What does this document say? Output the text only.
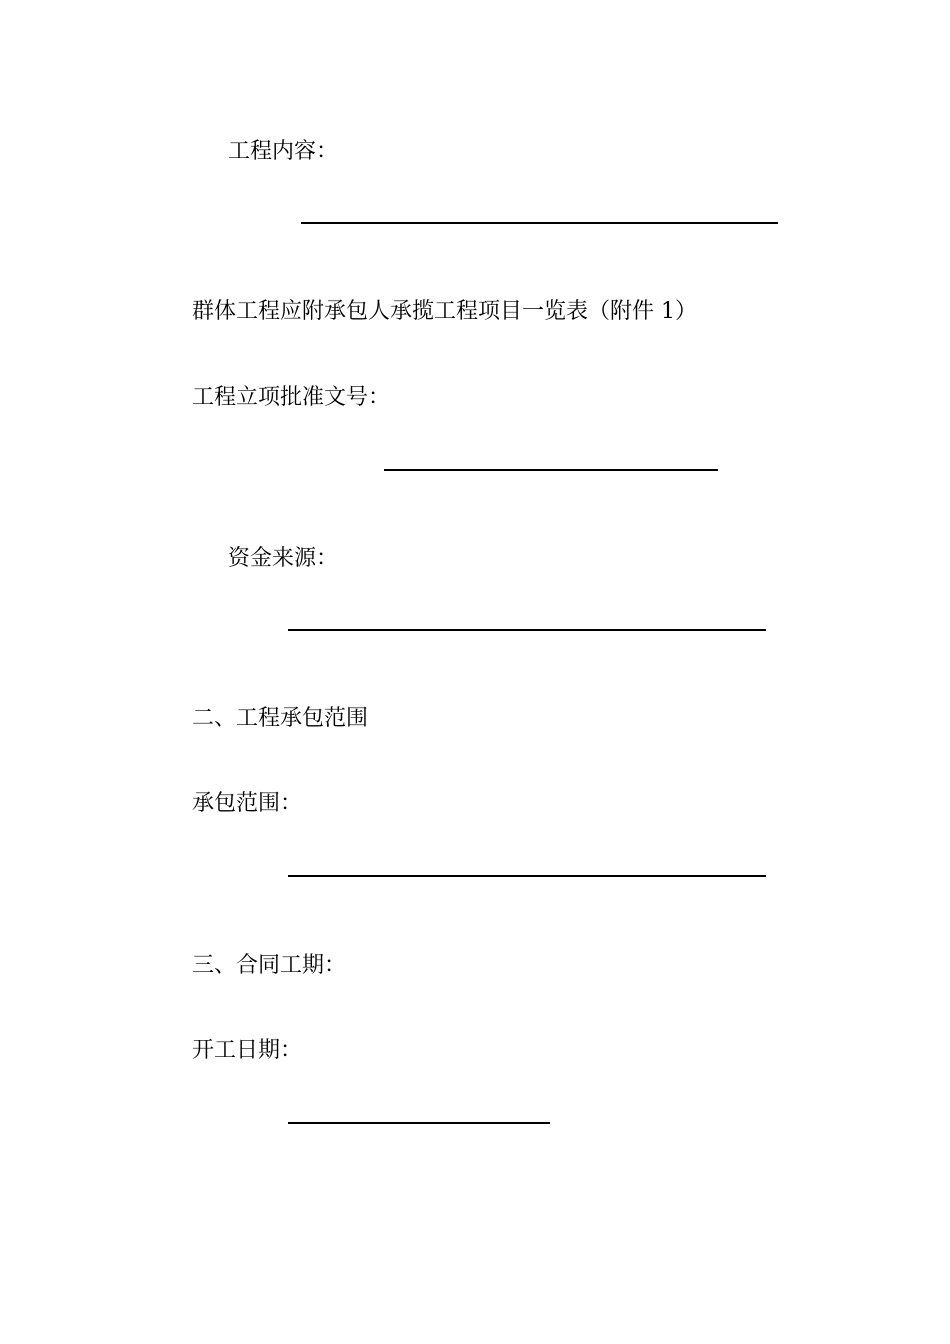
工程内容：
群体工程应附承包人承揽工程项目一览表（附件 1）
工程立项批准文号：
资金来源：
二、工程承包范围
承包范围：
三、合同工期：
开工日期：
